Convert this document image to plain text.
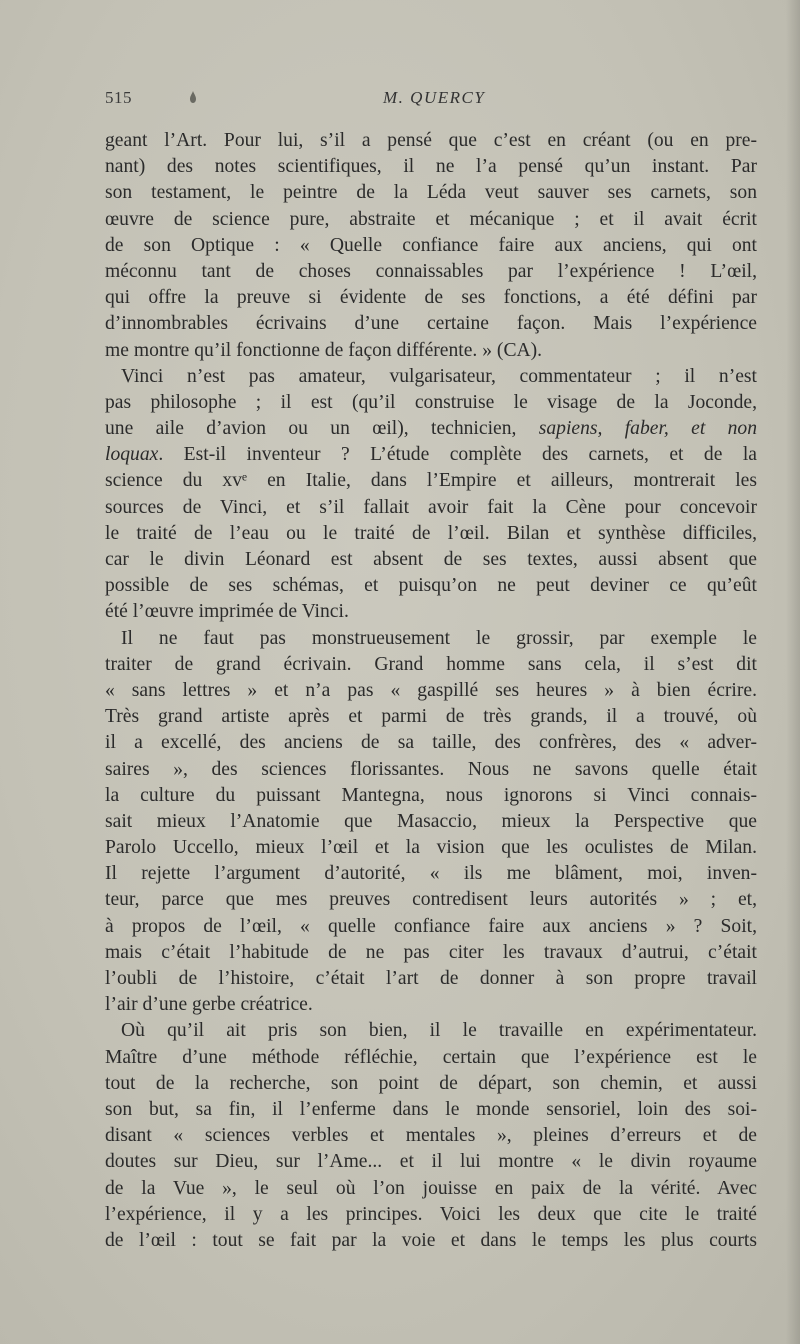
515	M. QUERCY
geant l’Art. Pour lui, s’il a pensé que c’est en créant (ou en pre-
nant) des notes scientifiques, il ne l’a pensé qu’un instant. Par
son testament, le peintre de la Léda veut sauver ses carnets, son
œuvre de science pure, abstraite et mécanique ; et il avait écrit
de son Optique : « Quelle confiance faire aux anciens, qui ont
méconnu tant de choses connaissables par l’expérience ! L’œil,
qui offre la preuve si évidente de ses fonctions, a été défini par
d’innombrables écrivains d’une certaine façon. Mais l’expérience
me montre qu’il fonctionne de façon différente. » (CA).
Vinci n’est pas amateur, vulgarisateur, commentateur ; il n’est
pas philosophe ; il est (qu’il construise le visage de la Joconde,
une aile d’avion ou un œil), technicien, sapiens, faber, et non
loquax. Est-il inventeur ? L’étude complète des carnets, et de la
science du xvᵉ en Italie, dans l’Empire et ailleurs, montrerait les
sources de Vinci, et s’il fallait avoir fait la Cène pour concevoir
le traité de l’eau ou le traité de l’œil. Bilan et synthèse difficiles,
car le divin Léonard est absent de ses textes, aussi absent que
possible de ses schémas, et puisqu’on ne peut deviner ce qu’eût
été l’œuvre imprimée de Vinci.
Il ne faut pas monstrueusement le grossir, par exemple le
traiter de grand écrivain. Grand homme sans cela, il s’est dit
« sans lettres » et n’a pas « gaspillé ses heures » à bien écrire.
Très grand artiste après et parmi de très grands, il a trouvé, où
il a excellé, des anciens de sa taille, des confrères, des « adver-
saires », des sciences florissantes. Nous ne savons quelle était
la culture du puissant Mantegna, nous ignorons si Vinci connais-
sait mieux l’Anatomie que Masaccio, mieux la Perspective que
Parolo Uccello, mieux l’œil et la vision que les oculistes de Milan.
Il rejette l’argument d’autorité, « ils me blâment, moi, inven-
teur, parce que mes preuves contredisent leurs autorités » ; et,
à propos de l’œil, « quelle confiance faire aux anciens » ? Soit,
mais c’était l’habitude de ne pas citer les travaux d’autrui, c’était
l’oubli de l’histoire, c’était l’art de donner à son propre travail
l’air d’une gerbe créatrice.
Où qu’il ait pris son bien, il le travaille en expérimentateur.
Maître d’une méthode réfléchie, certain que l’expérience est le
tout de la recherche, son point de départ, son chemin, et aussi
son but, sa fin, il l’enferme dans le monde sensoriel, loin des soi-
disant « sciences verbles et mentales », pleines d’erreurs et de
doutes sur Dieu, sur l’Ame... et il lui montre « le divin royaume
de la Vue », le seul où l’on jouisse en paix de la vérité. Avec
l’expérience, il y a les principes. Voici les deux que cite le traité
de l’œil : tout se fait par la voie et dans le temps les plus courts
